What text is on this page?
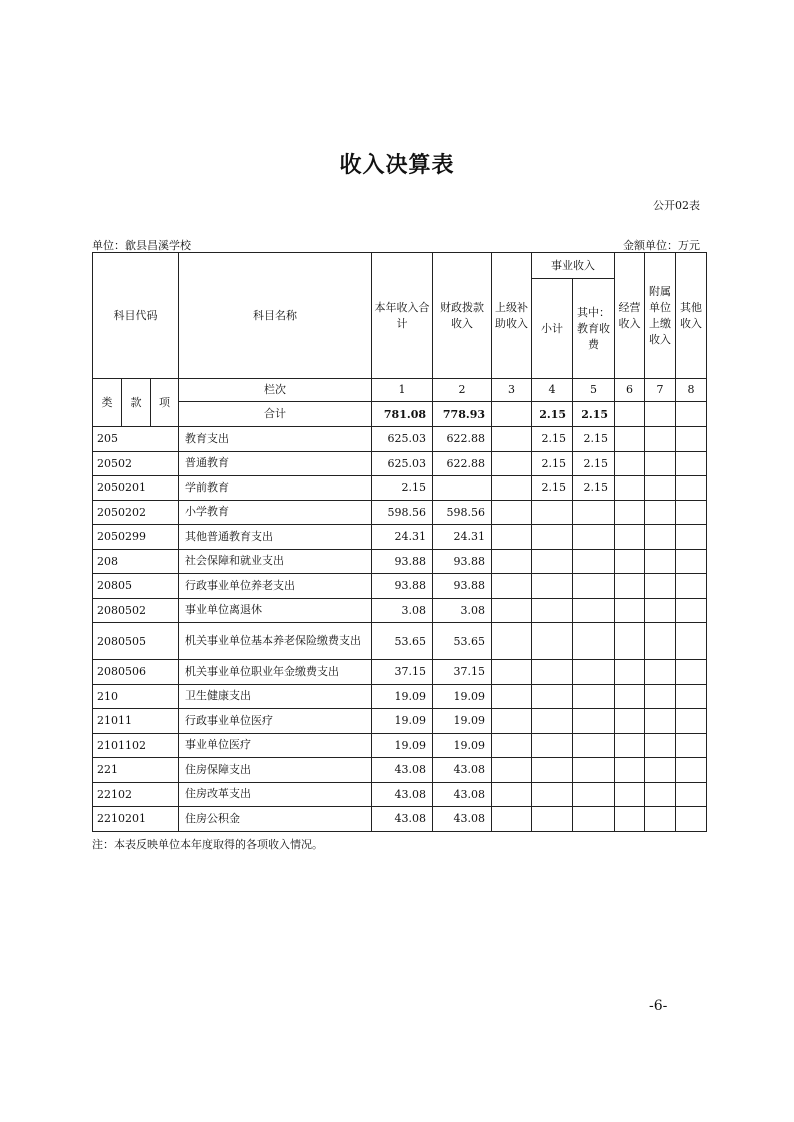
收入决算表
公开02表
单位：歙县昌溪学校	金额单位：万元
科目代码			科目名称	本年收入合计	财政拨款收入	上级补助收入	事业收入		经营收入	附属单位上缴收入	其他收入
							小计	其中：教育收费			
类	款	项	栏次	1	2	3	4	5	6	7	8
			合计	781.08	778.93		2.15	2.15			
205			教育支出	625.03	622.88		2.15	2.15			
20502			普通教育	625.03	622.88		2.15	2.15			
2050201			学前教育	2.15			2.15	2.15			
2050202			小学教育	598.56	598.56						
2050299			其他普通教育支出	24.31	24.31						
208			社会保障和就业支出	93.88	93.88						
20805			行政事业单位养老支出	93.88	93.88						
2080502			事业单位离退休	3.08	3.08						
2080505			机关事业单位基本养老保险缴费支出	53.65	53.65						
2080506			机关事业单位职业年金缴费支出	37.15	37.15						
210			卫生健康支出	19.09	19.09						
21011			行政事业单位医疗	19.09	19.09						
2101102			事业单位医疗	19.09	19.09						
221			住房保障支出	43.08	43.08						
22102			住房改革支出	43.08	43.08						
2210201			住房公积金	43.08	43.08						
注：本表反映单位本年度取得的各项收入情况。
-6-
